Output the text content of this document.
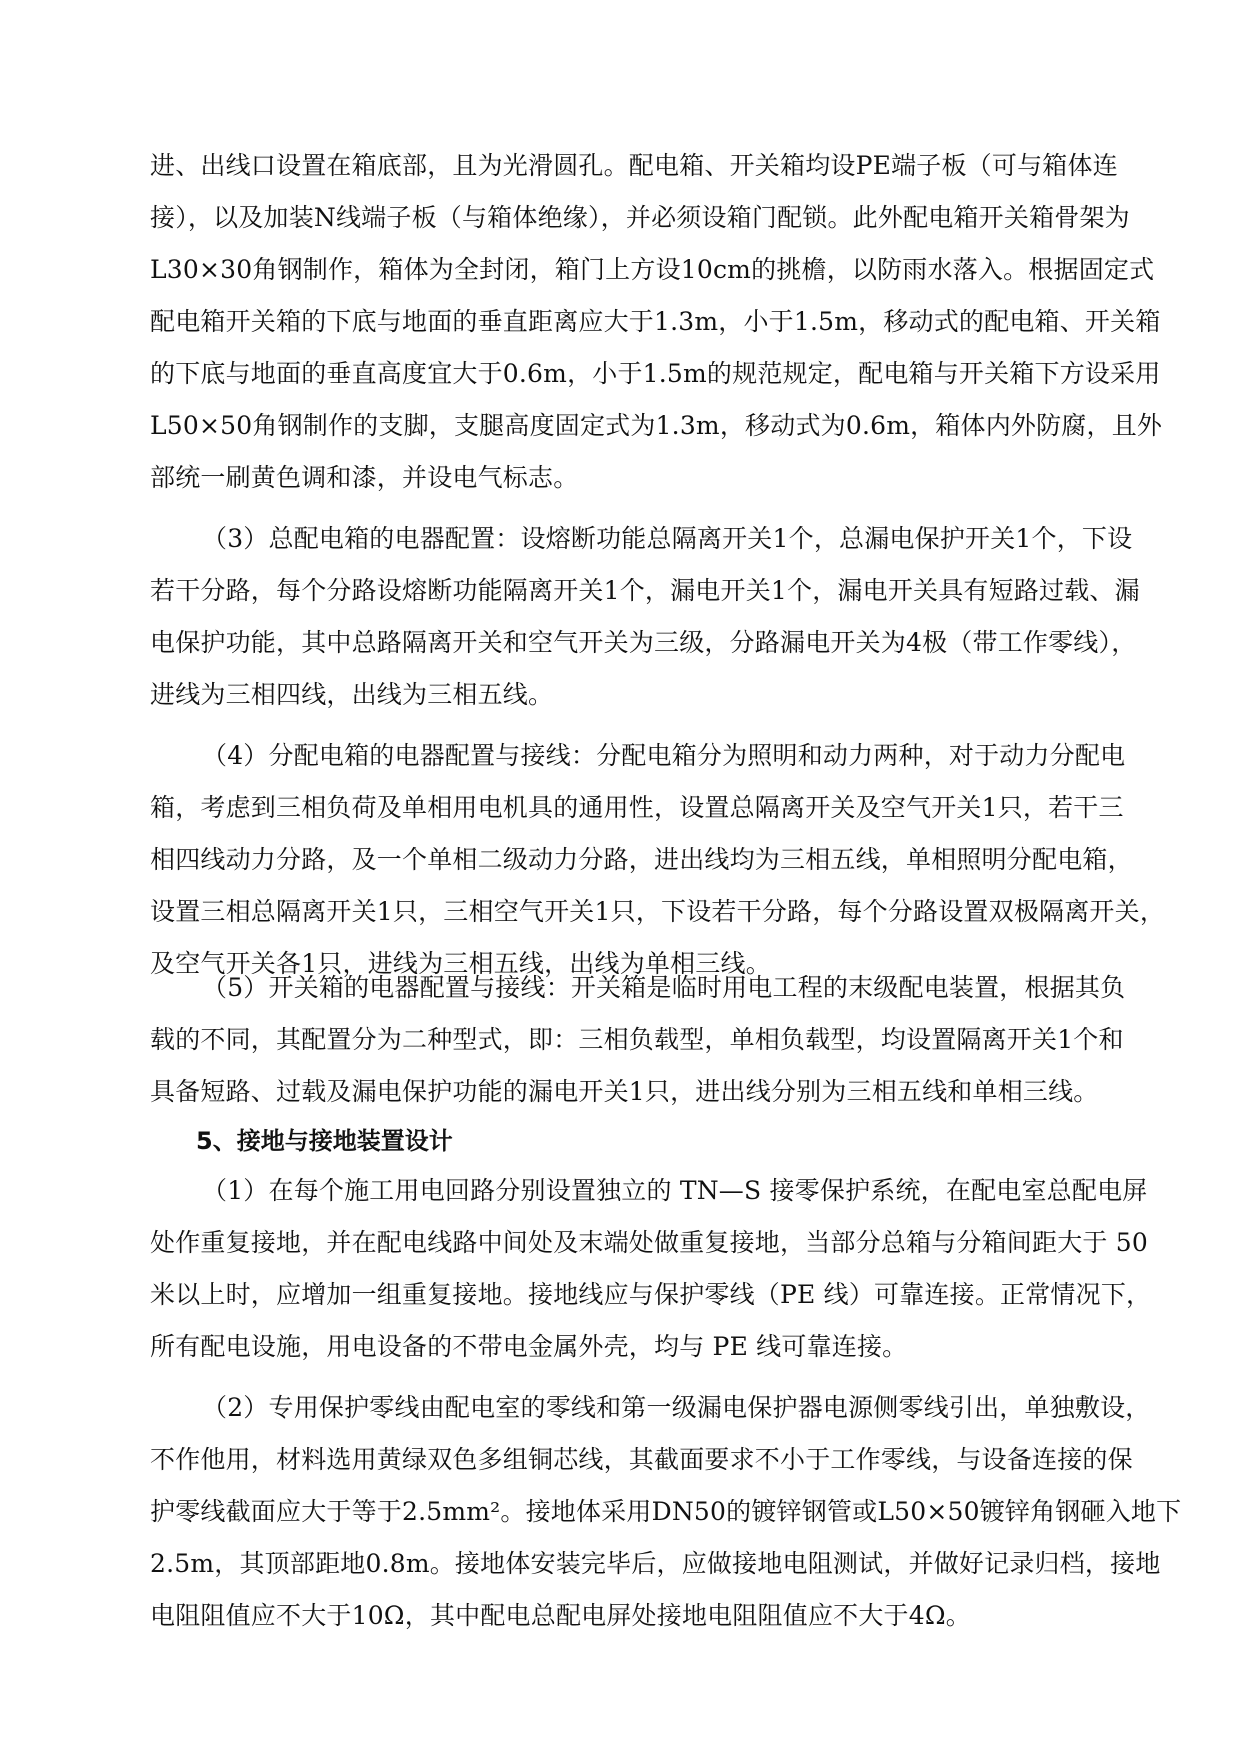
进、出线口设置在箱底部，且为光滑圆孔。配电箱、开关箱均设PE端子板（可与箱体连
接），以及加装N线端子板（与箱体绝缘），并必须设箱门配锁。此外配电箱开关箱骨架为
L30×30角钢制作，箱体为全封闭，箱门上方设10cm的挑檐，以防雨水落入。根据固定式
配电箱开关箱的下底与地面的垂直距离应大于1.3m，小于1.5m，移动式的配电箱、开关箱
的下底与地面的垂直高度宜大于0.6m，小于1.5m的规范规定，配电箱与开关箱下方设采用
L50×50角钢制作的支脚，支腿高度固定式为1.3m，移动式为0.6m，箱体内外防腐，且外
部统一刷黄色调和漆，并设电气标志。
（3）总配电箱的电器配置：设熔断功能总隔离开关1个，总漏电保护开关1个，下设
若干分路，每个分路设熔断功能隔离开关1个，漏电开关1个，漏电开关具有短路过载、漏
电保护功能，其中总路隔离开关和空气开关为三级，分路漏电开关为4极（带工作零线），
进线为三相四线，出线为三相五线。
（4）分配电箱的电器配置与接线：分配电箱分为照明和动力两种，对于动力分配电
箱，考虑到三相负荷及单相用电机具的通用性，设置总隔离开关及空气开关1只，若干三
相四线动力分路，及一个单相二级动力分路，进出线均为三相五线，单相照明分配电箱，
设置三相总隔离开关1只，三相空气开关1只，下设若干分路，每个分路设置双极隔离开关，
及空气开关各1只，进线为三相五线，出线为单相三线。
（5）开关箱的电器配置与接线：开关箱是临时用电工程的末级配电装置，根据其负
载的不同，其配置分为二种型式，即：三相负载型，单相负载型，均设置隔离开关1个和
具备短路、过载及漏电保护功能的漏电开关1只，进出线分别为三相五线和单相三线。
5、接地与接地装置设计
（1）在每个施工用电回路分别设置独立的 TN—S 接零保护系统，在配电室总配电屏
处作重复接地，并在配电线路中间处及末端处做重复接地，当部分总箱与分箱间距大于 50
米以上时，应增加一组重复接地。接地线应与保护零线（PE 线）可靠连接。正常情况下，
所有配电设施，用电设备的不带电金属外壳，均与 PE 线可靠连接。
（2）专用保护零线由配电室的零线和第一级漏电保护器电源侧零线引出，单独敷设，
不作他用，材料选用黄绿双色多组铜芯线，其截面要求不小于工作零线，与设备连接的保
护零线截面应大于等于2.5mm²。接地体采用DN50的镀锌钢管或L50×50镀锌角钢砸入地下
2.5m，其顶部距地0.8m。接地体安装完毕后，应做接地电阻测试，并做好记录归档，接地
电阻阻值应不大于10Ω，其中配电总配电屏处接地电阻阻值应不大于4Ω。
